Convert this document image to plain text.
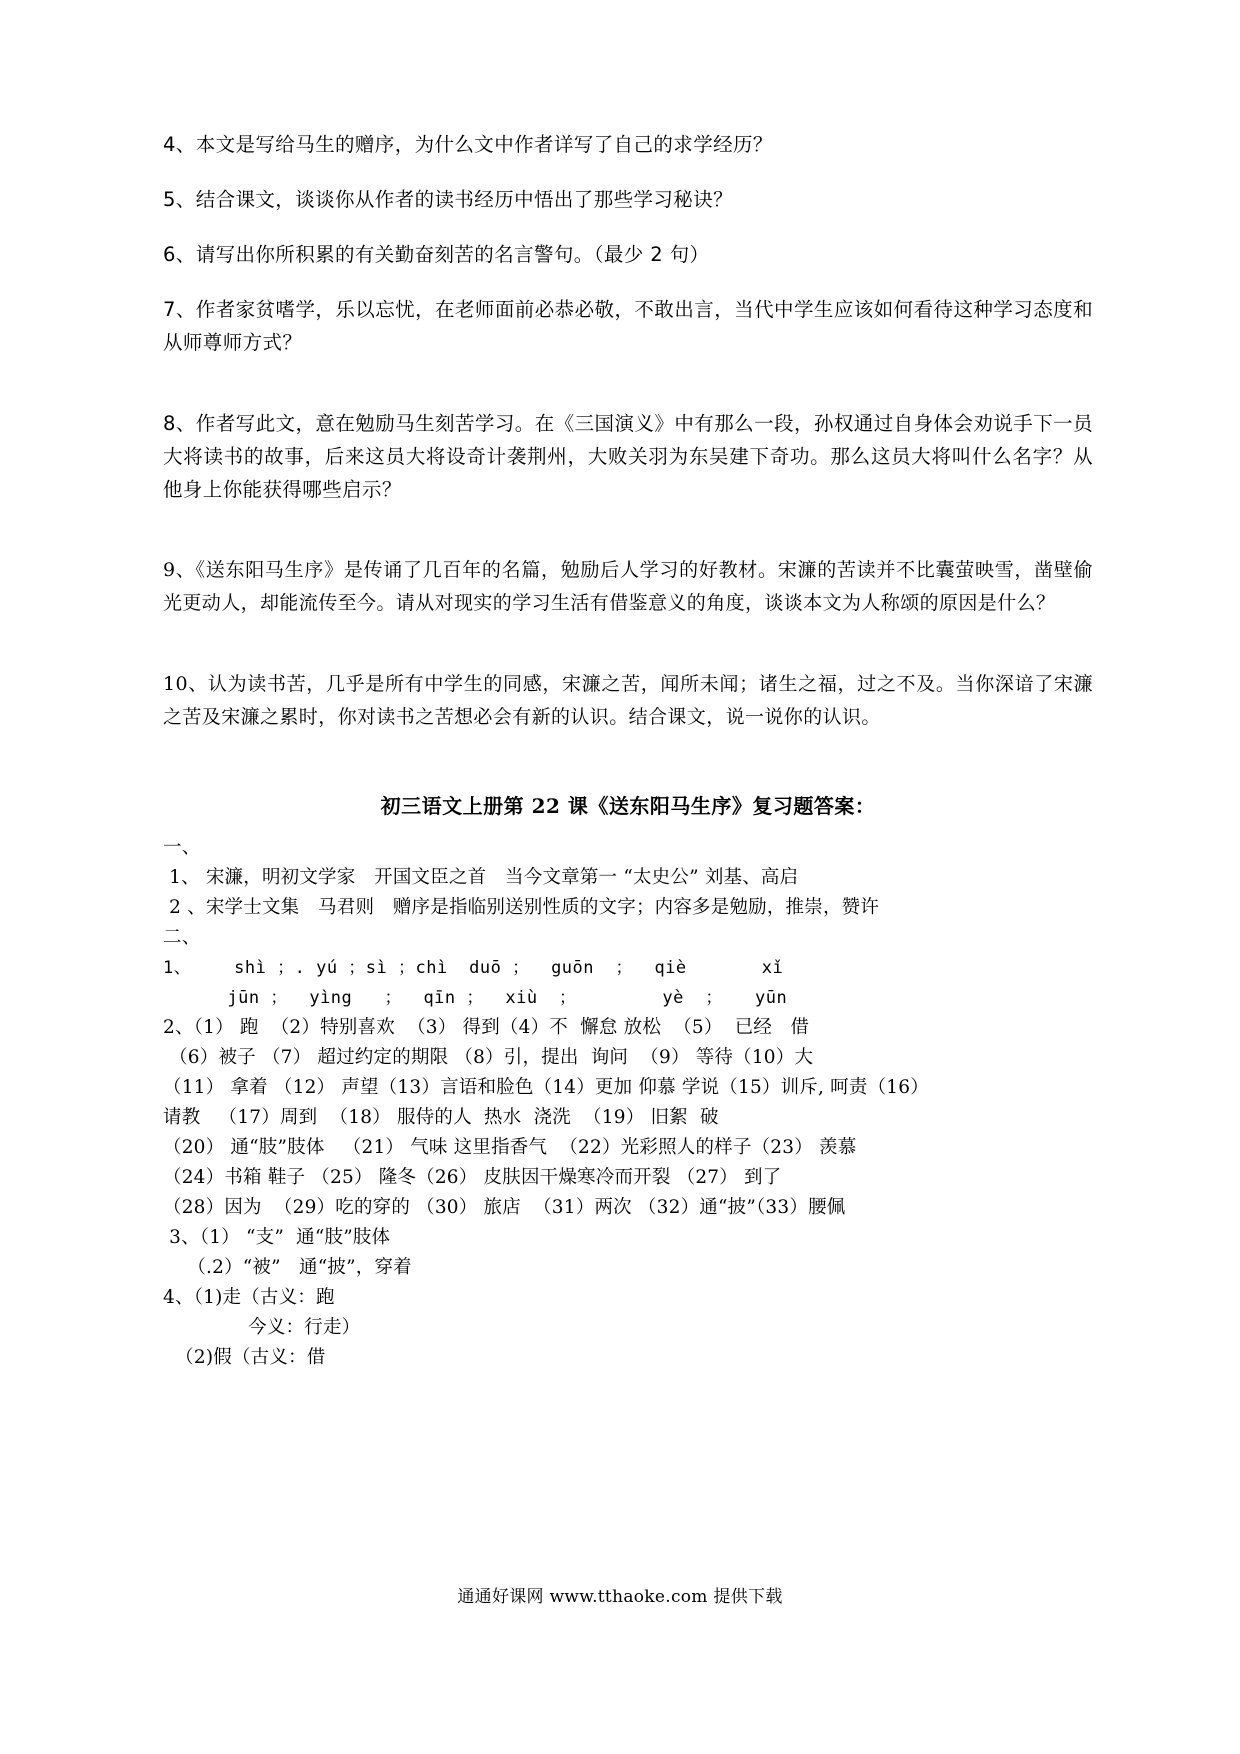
4、本文是写给马生的赠序，为什么文中作者详写了自己的求学经历？
5、结合课文，谈谈你从作者的读书经历中悟出了那些学习秘诀？
6、请写出你所积累的有关勤奋刻苦的名言警句。（最少 2 句）
7、作者家贫嗜学，乐以忘忧，在老师面前必恭必敬，不敢出言，当代中学生应该如何看待这种学习态度和从师尊师方式？
8、作者写此文，意在勉励马生刻苦学习。在《三国演义》中有那么一段，孙权通过自身体会劝说手下一员大将读书的故事，后来这员大将设奇计袭荆州，大败关羽为东吴建下奇功。那么这员大将叫什么名字？从他身上你能获得哪些启示？
9、《送东阳马生序》是传诵了几百年的名篇，勉励后人学习的好教材。宋濂的苦读并不比囊萤映雪，凿壁偷光更动人，却能流传至今。请从对现实的学习生活有借鉴意义的角度，谈谈本文为人称颂的原因是什么？
10、认为读书苦，几乎是所有中学生的同感，宋濂之苦，闻所未闻；诸生之福，过之不及。当你深谙了宋濂之苦及宋濂之累时，你对读书之苦想必会有新的认识。结合课文，说一说你的认识。
初三语文上册第 22 课《送东阳马生序》复习题答案：
一、
1、 宋濂，明初文学家　开国文臣之首　当今文章第一 “太史公” 刘基、高启
2 、宋学士文集　马君则　赠序是指临别送别性质的文字；内容多是勉励，推崇，赞许
二、
1、    shì ；. yú ；sì ；chì  duō ；  guōn  ；  qiè       xǐ
jūn ；  yìng   ；  qīn ；  xiù  ；        yè  ；   yūn
2、（1） 跑  （2）特别喜欢  （3） 得到（4）不  懈怠 放松  （5）  已经   借
（6）被子 （7） 超过约定的期限 （8）引，提出  询问  （9） 等待（10）大
（11） 拿着 （12） 声望（13）言语和脸色（14）更加 仰慕 学说（15）训斥, 呵责（16）
请教   （17）周到  （18） 服侍的人  热水  浇洗  （19） 旧絮  破
（20） 通“肢”肢体   （21） 气味 这里指香气  （22）光彩照人的样子（23） 羡慕
（24）书箱 鞋子 （25） 隆冬（26） 皮肤因干燥寒冷而开裂 （27） 到了
（28）因为  （29）吃的穿的 （30） 旅店  （31）两次 （32）通“披”（33）腰佩
3、（1） “支”  通“肢”肢体
（.2）“被”   通“披”，穿着
4、（1)走（古义：跑
今义：行走）
（2)假（古义：借
通通好课网 www.tthaoke.com 提供下载
